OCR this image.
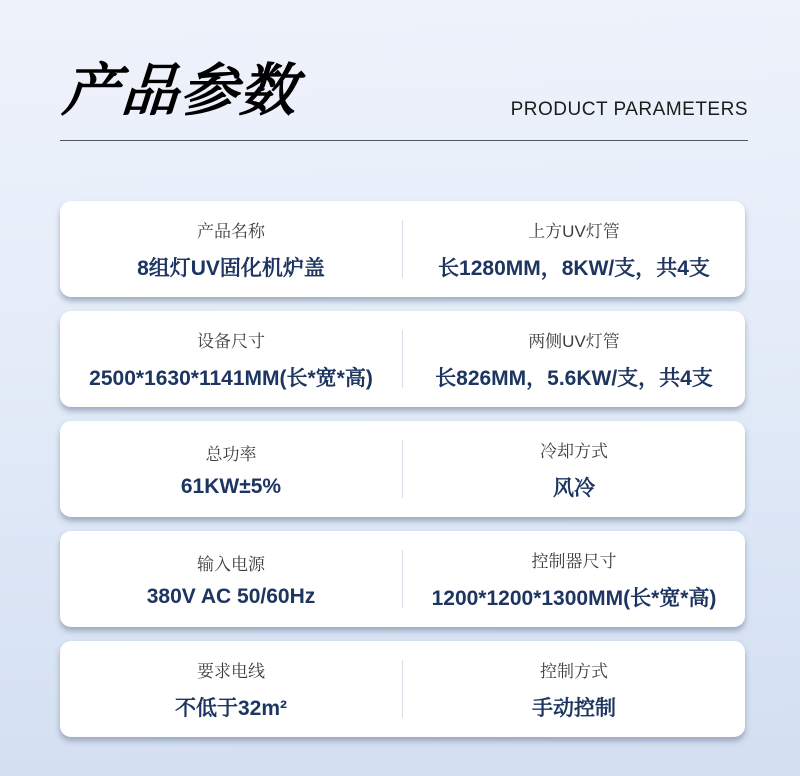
产品参数	PRODUCT PARAMETERS
产品名称
8组灯UV固化机炉盖
上方UV灯管
长1280MM，8KW/支，共4支
设备尺寸
2500*1630*1141MM(长*宽*高)
两侧UV灯管
长826MM，5.6KW/支，共4支
总功率
61KW±5%
冷却方式
风冷
输入电源
380V AC 50/60Hz
控制器尺寸
1200*1200*1300MM(长*宽*高)
要求电线
不低于32m²
控制方式
手动控制
